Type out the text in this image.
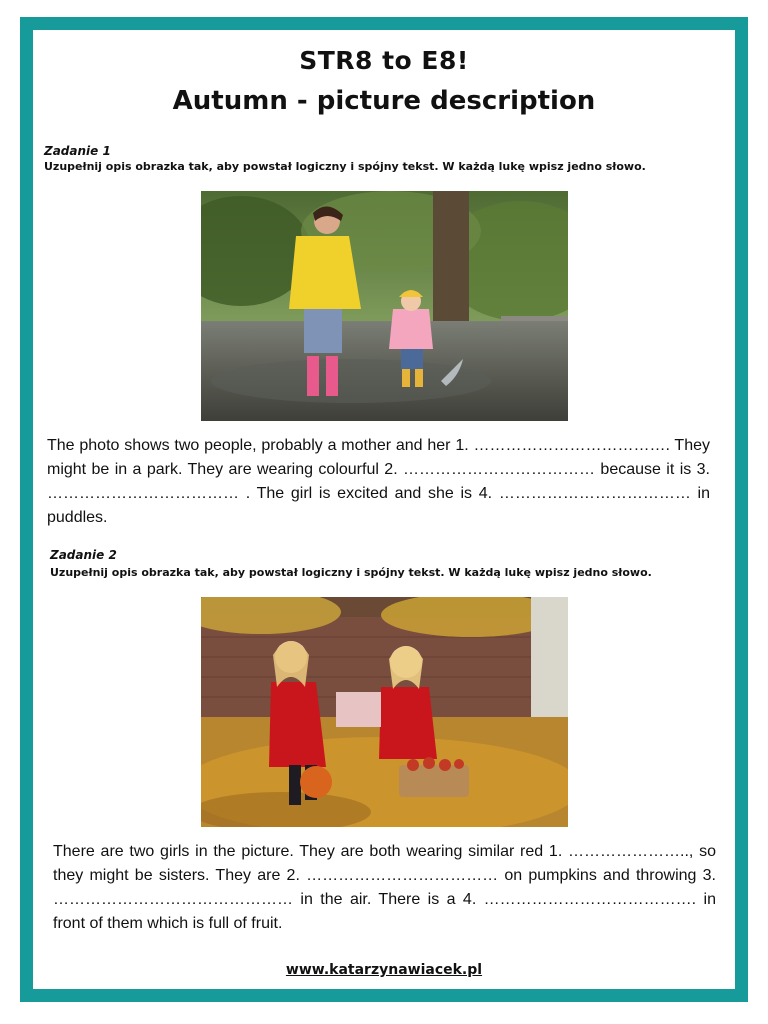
STR8 to E8!
Autumn - picture description
Zadanie 1
Uzupełnij opis obrazka tak, aby powstał logiczny i spójny tekst. W każdą lukę wpisz jedno słowo.
The photo shows two people, probably a mother and her 1. ………………………………. They might be in a park. They are wearing colourful 2. ……………………………… because it is 3. ……………………………… . The girl is excited and she is 4. ……………………………… in puddles.
Zadanie 2
Uzupełnij opis obrazka tak, aby powstał logiczny i spójny tekst. W każdą lukę wpisz jedno słowo.
There are two girls in the picture. They are both wearing similar red 1. ………………….., so they might be sisters. They are 2. ……………………………… on pumpkins and throwing 3. ……………………………………… in the air. There is a 4. …………………………………. in front of them which is full of fruit.
www.katarzynawiacek.pl
